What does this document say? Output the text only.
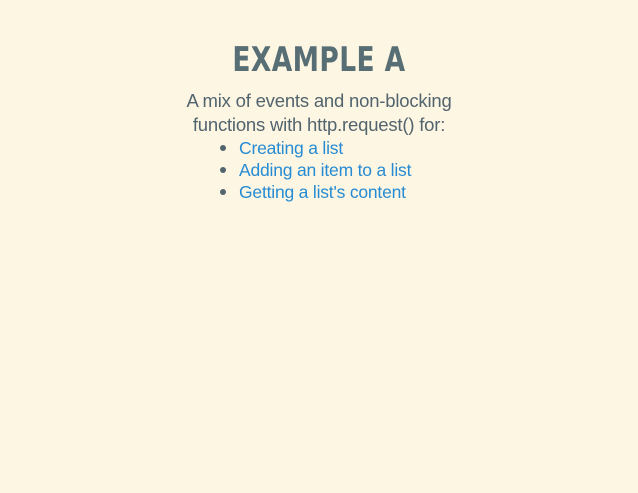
EXAMPLE A
A mix of events and non-blocking
functions with http.request() for:
Creating a list
Adding an item to a list
Getting a list's content
